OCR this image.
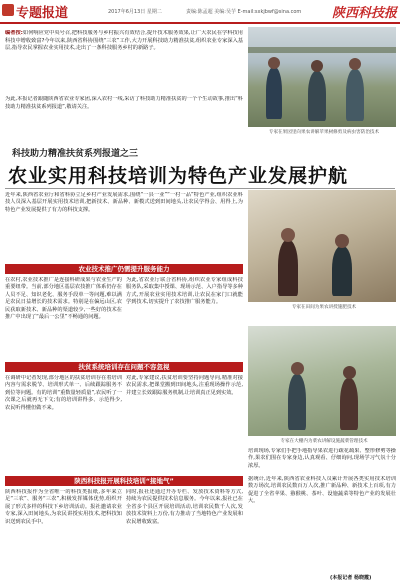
专题报道	2017年6月13日 星期二	责编:陈孟超 美编:吴芋 E-mail:sxkjbwf@sina.com 陕西科技报
编者按:如何响应党中央号召,把科技服务与乡村振兴有效结合,提升技术服务效果,让广大农民在学科技用科技中增收致富?今年以来,陕西省科协围绕“三农”工作,大力开展科技助力精准扶贫,组织农业专家深入基层,指导农民掌握农业实用技术,走出了一条科技服务乡村的新路子。
为此,本报记者跟随陕西省农业专家团,深入农村一线,采访了科技助力精准扶贫的一个个生动故事,推出“科技助力精准扶贫系列报道”,敬请关注。
专家在果园里向果农讲解苹果树修剪及病虫害防治技术
科技助力精准扶贫系列报道之三
农业实用科技培训为特色产业发展护航
近年来,陕西省农业厅和省科协立足乡村产业发展需求,围绕“一县一业”“一村一品”特色产业,组织农业科技人员深入基层开展实用技术培训,把新技术、新品种、新模式送到田间地头,让农民学得会、用得上,为特色产业发展提供了有力的科技支撑。
专家在田间为果农讲授施肥技术
农业技术推广仍需提升服务能力
在农村,农业技术推广是连接科研成果与农业生产的重要纽带。当前,部分地区基层农技推广体系仍存在人员不足、知识老化、服务手段单一等问题,难以满足农民日益增长的技术需求。特别是在偏远山区,农民获取新技术、新品种的渠道较少,一些好的技术在推广中出现了“最后一公里”不畅通的问题。
为此,省农业厅联合省科协,组织农业专家组成科技服务队,采取集中授课、现场示范、入户指导等多种方式,开展农业实用技术培训,让农民在家门口就能学到技术,切实提升了农技推广服务能力。
扶贫系统培训存在问题不容忽视
在调研中记者发现,部分地区的扶贫培训存在着培训内容与需求脱节、培训形式单一、后续跟踪服务不到位等问题。有的培训“重数量轻质量”,农民听了一次课之后就再无下文;有的培训讲得多、示范得少,农民听得懂但做不来。
对此,专家建议,扶贫培训要坚持问题导向,精准对接农民需求,把课堂搬到田间地头,注重现场操作示范,并建立长效跟踪服务机制,让培训真正见到实效。
专家在大棚内为菜农讲解设施蔬菜管理技术
培训现场,专家们手把手地指导果农进行疏花疏果、整形修剪等操作,果农们围在专家身边,认真观看、仔细询问,现场学习气氛十分浓厚。
陕西科技报开展科技培训“接地气”
陕西科技报作为全省唯一的科技类报纸,多年来立足“三农”、服务“三农”,积极发挥媒体优势,组织开展了形式多样的科技下乡培训活动。报社邀请农业专家,深入田间地头,为农民讲授实用技术,把科技知识送到农民手中。
同时,报社还通过开办专栏、发放技术资料等方式,持续为农民提供技术信息服务。今年以来,报社已在全省多个县区开展培训活动,培训农民数千人次,发放技术资料上万份,有力推动了当地特色产业发展和农民增收致富。
据统计,近年来,陕西省农业科技人员累计开展各类实用技术培训数万场次,培训农民数百万人次,推广新品种、新技术上百项,有力促进了全省苹果、猕猴桃、茶叶、设施蔬菜等特色产业的发展壮大。
(本报记者 杨晓霞)
